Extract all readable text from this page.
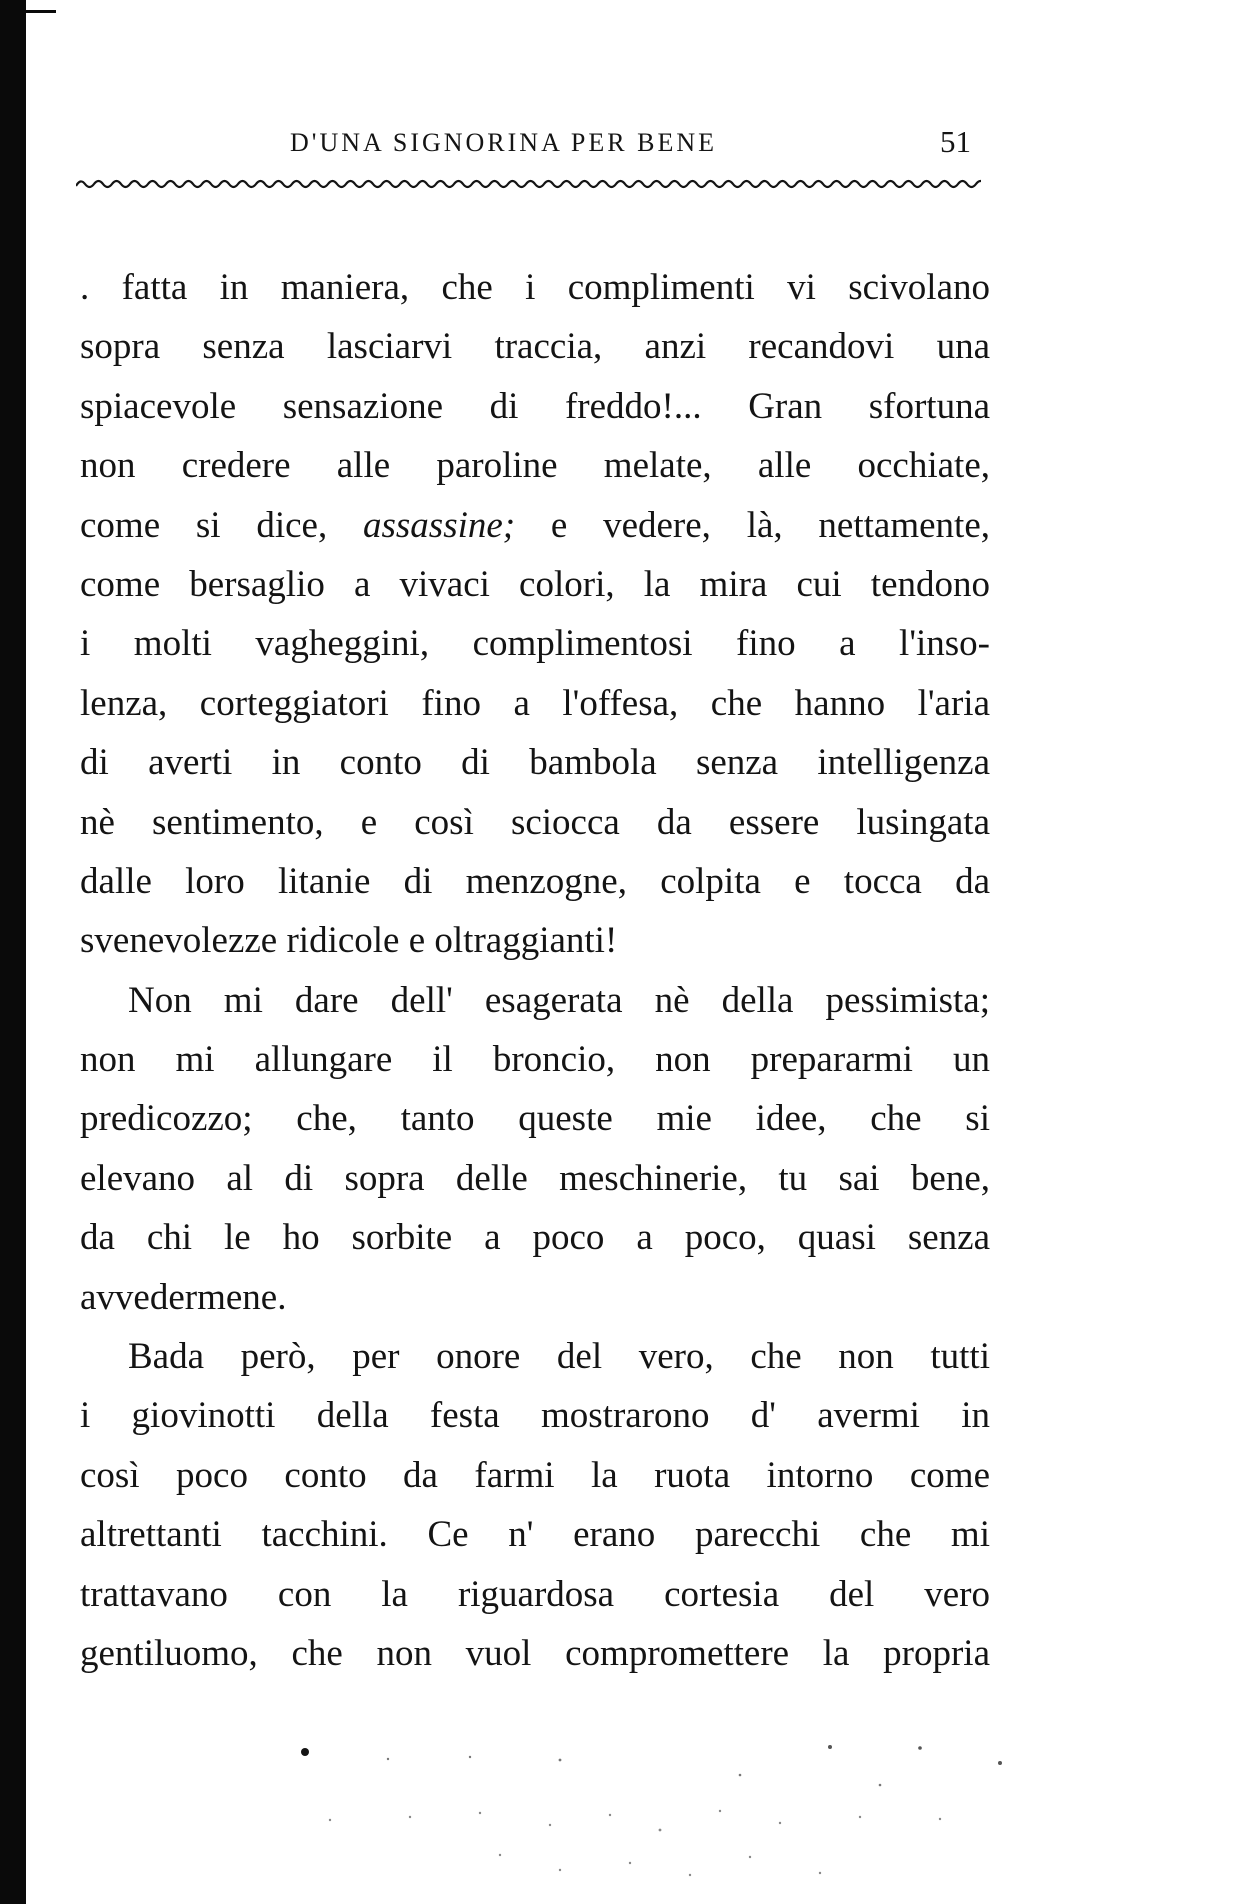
D'UNA SIGNORINA PER BENE	51
. fatta in maniera, che i complimenti vi scivolano
sopra senza lasciarvi traccia, anzi recandovi una
spiacevole sensazione di freddo!... Gran sfortuna
non credere alle paroline melate, alle occhiate,
come si dice, assassine; e vedere, là, nettamente,
come bersaglio a vivaci colori, la mira cui tendono
i molti vagheggini, complimentosi fino a l'inso-
lenza, corteggiatori fino a l'offesa, che hanno l'aria
di averti in conto di bambola senza intelligenza
nè sentimento, e così sciocca da essere lusingata
dalle loro litanie di menzogne, colpita e tocca da
svenevolezze ridicole e oltraggianti!
Non mi dare dell' esagerata nè della pessimista;
non mi allungare il broncio, non prepararmi un
predicozzo; che, tanto queste mie idee, che si
elevano al di sopra delle meschinerie, tu sai bene,
da chi le ho sorbite a poco a poco, quasi senza
avvedermene.
Bada però, per onore del vero, che non tutti
i giovinotti della festa mostrarono d' avermi in
così poco conto da farmi la ruota intorno come
altrettanti tacchini. Ce n' erano parecchi che mi
trattavano con la riguardosa cortesia del vero
gentiluomo, che non vuol compromettere la propria
